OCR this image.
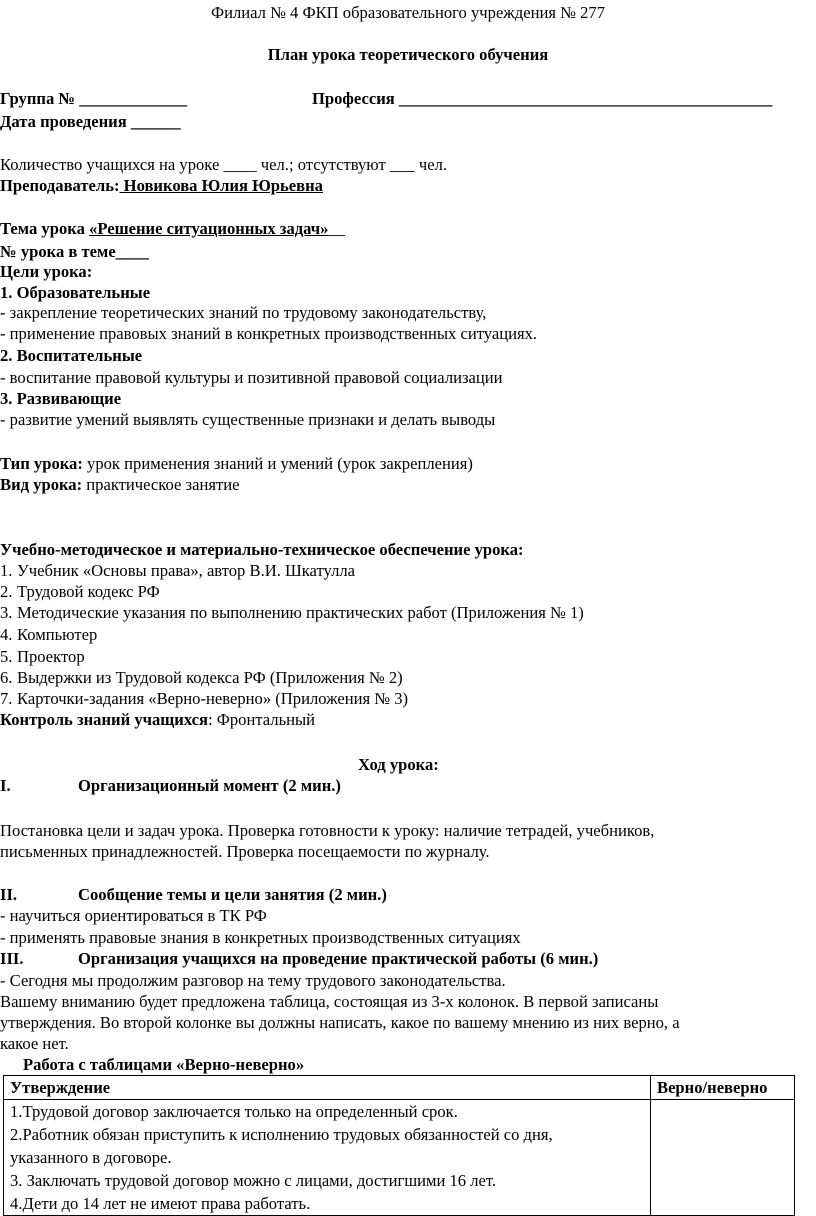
Филиал № 4 ФКП образовательного учреждения № 277
План урока теоретического обучения
Группа № _____________	Профессия _____________________________________________
Дата проведения ______
Количество учащихся на уроке ____ чел.; отсутствуют ___ чел.
Преподаватель: Новикова Юлия Юрьевна
Тема урока «Решение ситуационных задач»__
№ урока в теме____
Цели урока:
1. Образовательные
- закрепление теоретических знаний по трудовому законодательству,
- применение правовых знаний в конкретных производственных ситуациях.
2. Воспитательные
- воспитание правовой культуры и позитивной правовой социализации
3. Развивающие
- развитие умений выявлять существенные признаки и делать выводы
Тип урока: урок применения знаний и умений (урок закрепления)
Вид урока: практическое занятие
Учебно-методическое и материально-техническое обеспечение урока:
1. Учебник «Основы права», автор В.И. Шкатулла
2. Трудовой кодекс РФ
3. Методические указания по выполнению практических работ (Приложения № 1)
4. Компьютер
5. Проектор
6. Выдержки из Трудовой кодекса РФ (Приложения № 2)
7. Карточки-задания «Верно-неверно» (Приложения № 3)
Контроль знаний учащихся: Фронтальный
Ход урока:
I.	Организационный момент (2 мин.)
Постановка цели и задач урока. Проверка готовности к уроку: наличие тетрадей, учебников,
письменных принадлежностей. Проверка посещаемости по журналу.
II.	Сообщение темы и цели занятия (2 мин.)
- научиться ориентироваться в ТК РФ
- применять правовые знания в конкретных производственных ситуациях
III.	Организация учащихся на проведение практической работы (6 мин.)
- Сегодня мы продолжим разговор на тему трудового законодательства.
Вашему вниманию будет предложена таблица, состоящая из 3-х колонок. В первой записаны
утверждения. Во второй колонке вы должны написать, какое по вашему мнению из них верно, а
какое нет.
Работа с таблицами «Верно-неверно»
Утверждение	Верно/неверно

1.Трудовой договор заключается только на определенный срок.
2.Работник обязан приступить к исполнению трудовых обязанностей со дня,
указанного в договоре.
3. Заключать трудовой договор можно с лицами, достигшими 16 лет.
4.Дети до 14 лет не имеют права работать.	
